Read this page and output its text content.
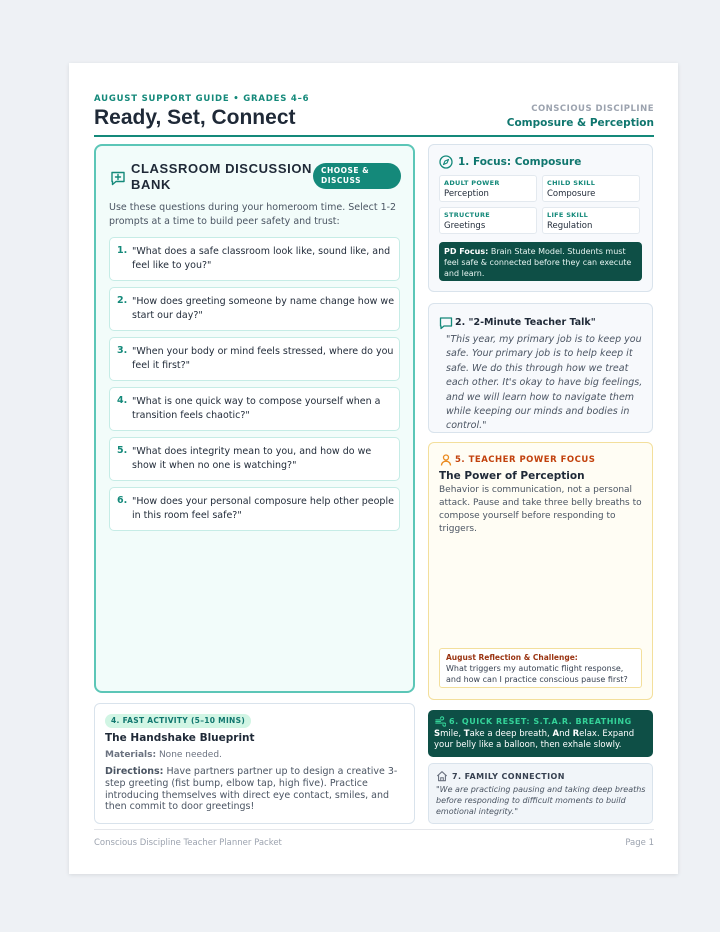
AUGUST SUPPORT GUIDE • GRADES 4–6
Ready, Set, Connect	CONSCIOUS DISCIPLINE
Composure & Perception
CLASSROOM DISCUSSION BANK
CHOOSE & DISCUSS
Use these questions during your homeroom time. Select 1-2 prompts at a time to build peer safety and trust:
1. "What does a safe classroom look like, sound like, and feel like to you?"
2. "How does greeting someone by name change how we start our day?"
3. "When your body or mind feels stressed, where do you feel it first?"
4. "What is one quick way to compose yourself when a transition feels chaotic?"
5. "What does integrity mean to you, and how do we show it when no one is watching?"
6. "How does your personal composure help other people in this room feel safe?"
1. Focus: Composure
ADULT POWER
Perception
CHILD SKILL
Composure
STRUCTURE
Greetings
LIFE SKILL
Regulation
PD Focus: Brain State Model. Students must feel safe & connected before they can execute and learn.
2. "2-Minute Teacher Talk"
"This year, my primary job is to keep you safe. Your primary job is to help keep it safe. We do this through how we treat each other. It's okay to have big feelings, and we will learn how to navigate them while keeping our minds and bodies in control."
5. TEACHER POWER FOCUS
The Power of Perception
Behavior is communication, not a personal attack. Pause and take three belly breaths to compose yourself before responding to triggers.
August Reflection & Challenge:
What triggers my automatic flight response, and how can I practice conscious pause first?
4. FAST ACTIVITY (5–10 MINS)
The Handshake Blueprint
Materials: None needed.
Directions: Have partners partner up to design a creative 3-step greeting (fist bump, elbow tap, high five). Practice introducing themselves with direct eye contact, smiles, and then commit to door greetings!
6. QUICK RESET: S.T.A.R. BREATHING
Smile, Take a deep breath, And Relax. Expand your belly like a balloon, then exhale slowly.
7. FAMILY CONNECTION
"We are practicing pausing and taking deep breaths before responding to difficult moments to build emotional integrity."
Conscious Discipline Teacher Planner Packet	Page 1
